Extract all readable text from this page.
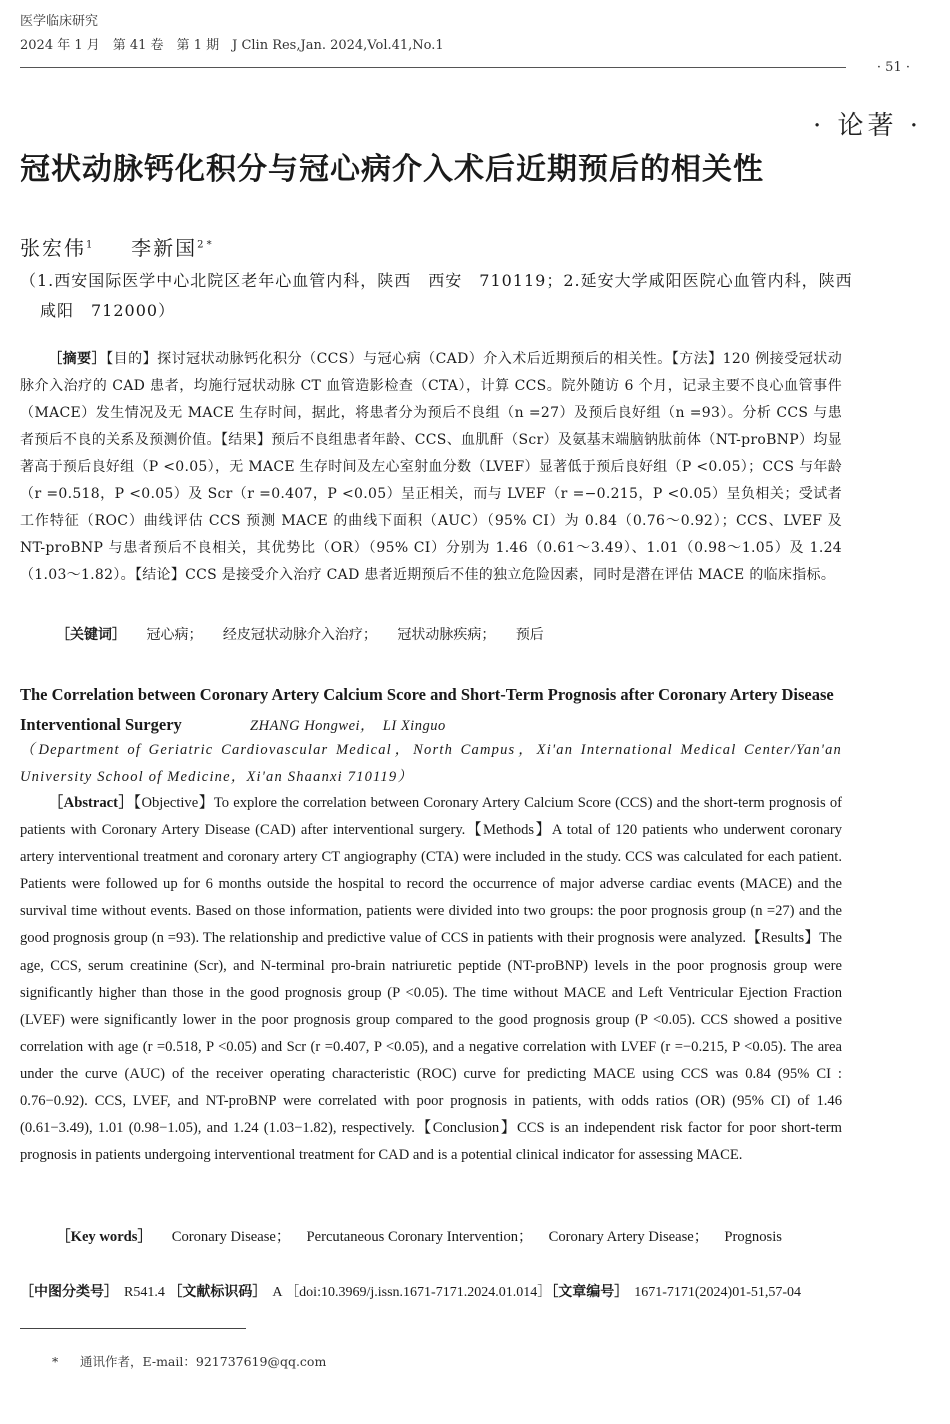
医学临床研究
2024 年 1 月　第 41 卷　第 1 期　J Clin Res,Jan. 2024,Vol.41,No.1
· 51 ·
· 论著 ·
冠状动脉钙化积分与冠心病介入术后近期预后的相关性
张宏伟$^1$ 李新国$^{2 *}$
（1.西安国际医学中心北院区老年心血管内科，陕西　西安　710119；2.延安大学咸阳医院心血管内科，陕西
咸阳　712000）
［摘要］【目的】探讨冠状动脉钙化积分（CCS）与冠心病（CAD）介入术后近期预后的相关性。【方法】120 例接受冠状动脉介入治疗的 CAD 患者，均施行冠状动脉 CT 血管造影检查（CTA），计算 CCS。院外随访 6 个月，记录主要不良心血管事件（MACE）发生情况及无 MACE 生存时间，据此，将患者分为预后不良组（n =27）及预后良好组（n =93）。分析 CCS 与患者预后不良的关系及预测价值。【结果】预后不良组患者年龄、CCS、血肌酐（Scr）及氨基末端脑钠肽前体（NT-proBNP）均显著高于预后良好组（P <0.05），无 MACE 生存时间及左心室射血分数（LVEF）显著低于预后良好组（P <0.05）；CCS 与年龄（r =0.518，P <0.05）及 Scr（r =0.407，P <0.05）呈正相关，而与 LVEF（r =−0.215，P <0.05）呈负相关；受试者工作特征（ROC）曲线评估 CCS 预测 MACE 的曲线下面积（AUC）（95% CI）为 0.84（0.76～0.92）；CCS、LVEF 及 NT-proBNP 与患者预后不良相关，其优势比（OR）（95% CI）分别为 1.46（0.61～3.49）、1.01（0.98～1.05）及 1.24（1.03～1.82）。【结论】CCS 是接受介入治疗 CAD 患者近期预后不佳的独立危险因素，同时是潜在评估 MACE 的临床指标。
［关键词］ 冠心病； 经皮冠状动脉介入治疗； 冠状动脉疾病； 预后
The Correlation between Coronary Artery Calcium Score and Short-Term Prognosis after Coronary Artery Disease Interventional Surgery	ZHANG Hongwei，　LI Xinguo
（Department of Geriatric Cardiovascular Medical，North Campus，Xi'an International Medical Center/Yan'an University School of Medicine，Xi'an Shaanxi 710119）
［Abstract］【Objective】To explore the correlation between Coronary Artery Calcium Score (CCS) and the short-term prognosis of patients with Coronary Artery Disease (CAD) after interventional surgery.【Methods】A total of 120 patients who underwent coronary artery interventional treatment and coronary artery CT angiography (CTA) were included in the study. CCS was calculated for each patient. Patients were followed up for 6 months outside the hospital to record the occurrence of major adverse cardiac events (MACE) and the survival time without events. Based on those information, patients were divided into two groups: the poor prognosis group (n =27) and the good prognosis group (n =93). The relationship and predictive value of CCS in patients with their prognosis were analyzed.【Results】The age, CCS, serum creatinine (Scr), and N-terminal pro-brain natriuretic peptide (NT-proBNP) levels in the poor prognosis group were significantly higher than those in the good prognosis group (P <0.05). The time without MACE and Left Ventricular Ejection Fraction (LVEF) were significantly lower in the poor prognosis group compared to the good prognosis group (P <0.05). CCS showed a positive correlation with age (r =0.518, P <0.05) and Scr (r =0.407, P <0.05), and a negative correlation with LVEF (r =−0.215, P <0.05). The area under the curve (AUC) of the receiver operating characteristic (ROC) curve for predicting MACE using CCS was 0.84 (95% CI : 0.76−0.92). CCS, LVEF, and NT-proBNP were correlated with poor prognosis in patients, with odds ratios (OR) (95% CI) of 1.46 (0.61−3.49), 1.01 (0.98−1.05), and 1.24 (1.03−1.82), respectively.【Conclusion】CCS is an independent risk factor for poor short-term prognosis in patients undergoing interventional treatment for CAD and is a potential clinical indicator for assessing MACE.
［Key words］ Coronary Disease； Percutaneous Coronary Intervention； Coronary Artery Disease； Prognosis
［中图分类号］ R541.4 ［文献标识码］ A ［doi:10.3969/j.issn.1671-7171.2024.01.014］［文章编号］ 1671-7171(2024)01-51,57-04
* 通讯作者，E-mail：921737619@qq.com
